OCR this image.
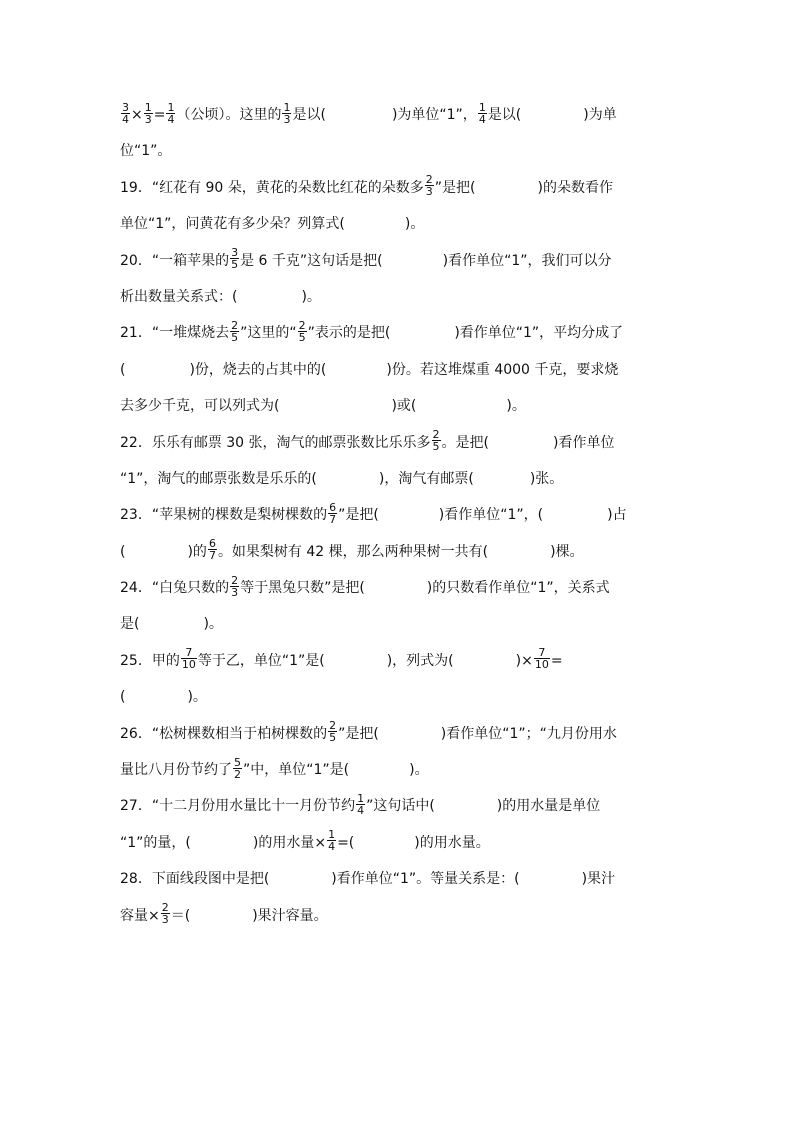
$\frac{3}{4} \times \frac{1}{3} = \frac{1}{4}$ （公顷）。这里的 $\frac{1}{3}$ 是以(	)为单位“1”， $\frac{1}{4}$ 是以(	)为单
位“1”。
19．“红花有 90 朵，黄花的朵数比红花的朵数多 $\frac{2}{3}$ ”是把(	)的朵数看作
单位“1”，问黄花有多少朵？列算式(	)。
20．“一箱苹果的 $\frac{3}{5}$ 是 6 千克”这句话是把(	)看作单位“1”，我们可以分
析出数量关系式：(	)。
21．“一堆煤烧去 $\frac{2}{5}$ ”这里的“ $\frac{2}{5}$ ”表示的是把(	)看作单位“1”，平均分成了
(	)份，烧去的占其中的(	)份。若这堆煤重 4000 千克，要求烧
去多少千克，可以列式为(	)或(	)。
22．乐乐有邮票 30 张，淘气的邮票张数比乐乐多 $\frac{2}{5}$ 。是把(	)看作单位
“1”，淘气的邮票张数是乐乐的(	)，淘气有邮票(	)张。
23．“苹果树的棵数是梨树棵数的 $\frac{6}{7}$ ”是把(	)看作单位“1”，(	)占
(	)的 $\frac{6}{7}$ 。如果梨树有 42 棵，那么两种果树一共有(	)棵。
24．“白兔只数的 $\frac{2}{3}$ 等于黑兔只数”是把(	)的只数看作单位“1”，关系式
是(	)。
25．甲的 $\frac{7}{10}$ 等于乙，单位“1”是(	)，列式为(	)× $\frac{7}{10}$ =
(	)。
26．“松树棵数相当于柏树棵数的 $\frac{2}{5}$ ”是把(	)看作单位“1”；“九月份用水
量比八月份节约了 $\frac{5}{2}$ ”中，单位“1”是(	)。
27．“十二月份用水量比十一月份节约 $\frac{1}{4}$ ”这句话中(	)的用水量是单位
“1”的量，(	)的用水量× $\frac{1}{4}$ =(	)的用水量。
28．下面线段图中是把(	)看作单位“1”。等量关系是：(	)果汁
容量× $\frac{2}{3}$ ＝(	)果汁容量。
